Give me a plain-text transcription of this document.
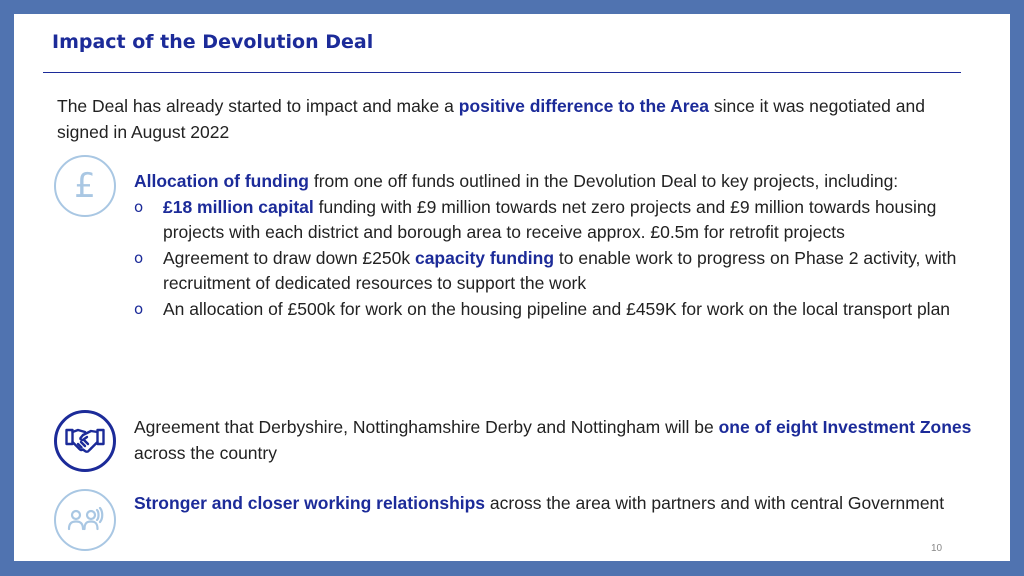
Impact of the Devolution Deal

The Deal has already started to impact and make a positive difference to the Area since it was negotiated and signed in August 2022

£ Allocation of funding from one off funds outlined in the Devolution Deal to key projects, including:
o £18 million capital funding with £9 million towards net zero projects and £9 million towards housing projects with each district and borough area to receive approx. £0.5m for retrofit projects
o Agreement to draw down £250k capacity funding to enable work to progress on Phase 2 activity, with recruitment of dedicated resources to support the work
o An allocation of £500k for work on the housing pipeline and £459K for work on the local transport plan

Agreement that Derbyshire, Nottinghamshire Derby and Nottingham will be one of eight Investment Zones across the country

Stronger and closer working relationships across the area with partners and with central Government

10
